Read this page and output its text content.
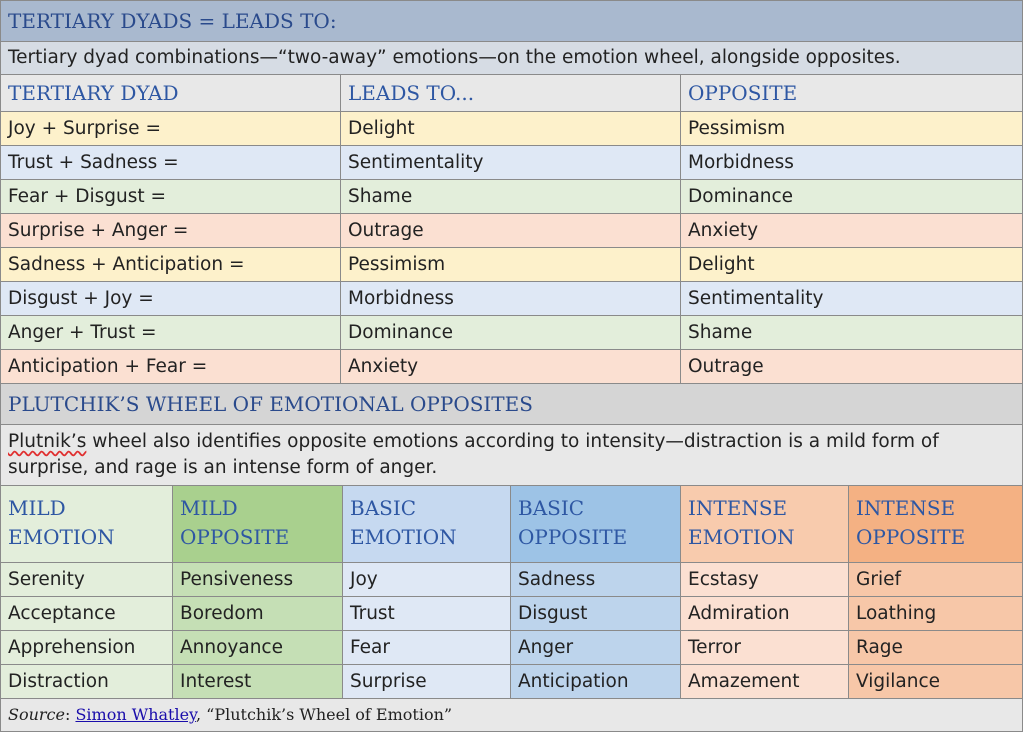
TERTIARY DYADS = LEADS TO:		
Tertiary dyad combinations—“two-away” emotions—on the emotion wheel, alongside opposites.		
TERTIARY DYAD	LEADS TO...	OPPOSITE
Joy + Surprise =	Delight	Pessimism
Trust + Sadness =	Sentimentality	Morbidness
Fear + Disgust =	Shame	Dominance
Surprise + Anger =	Outrage	Anxiety
Sadness + Anticipation =	Pessimism	Delight
Disgust + Joy =	Morbidness	Sentimentality
Anger + Trust =	Dominance	Shame
Anticipation + Fear =	Anxiety	Outrage
PLUTCHIK’S WHEEL OF EMOTIONAL OPPOSITES					
Plutnik’s wheel also identifies opposite emotions according to intensity—distraction is a mild form of surprise, and rage is an intense form of anger.					
MILD EMOTION	MILD OPPOSITE	BASIC EMOTION	BASIC OPPOSITE	INTENSE EMOTION	INTENSE OPPOSITE
Serenity	Pensiveness	Joy	Sadness	Ecstasy	Grief
Acceptance	Boredom	Trust	Disgust	Admiration	Loathing
Apprehension	Annoyance	Fear	Anger	Terror	Rage
Distraction	Interest	Surprise	Anticipation	Amazement	Vigilance
Source: Simon Whatley, “Plutchik’s Wheel of Emotion”					
